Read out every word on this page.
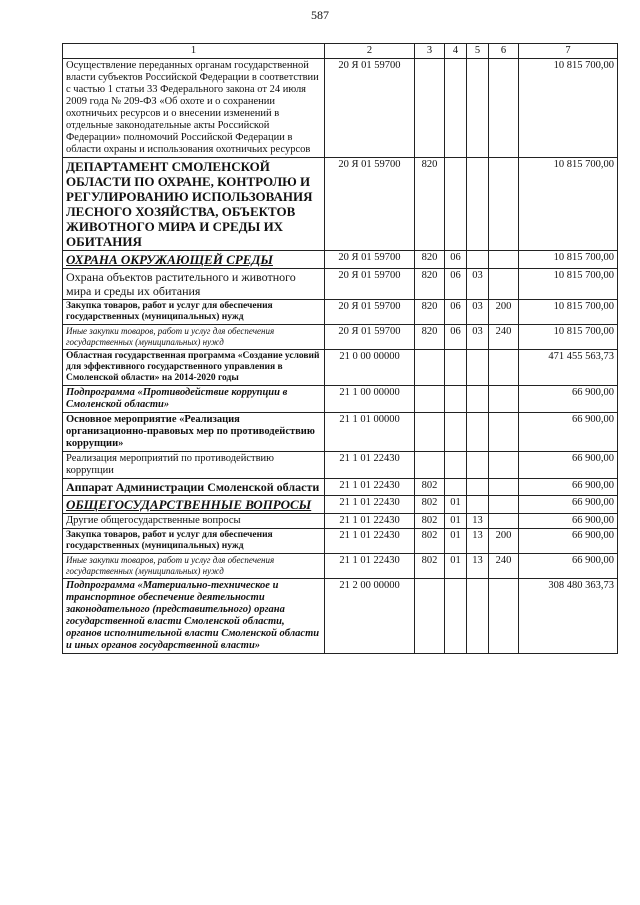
587
1	2	3	4	5	6	7
Осуществление переданных органам государственной власти субъектов Российской Федерации в соответствии с частью 1 статьи 33 Федерального закона от 24 июля 2009 года № 209-ФЗ «Об охоте и о сохранении охотничьих ресурсов и о внесении изменений в отдельные законодательные акты Российской Федерации» полномочий Российской Федерации в области охраны и использования охотничьих ресурсов	20 Я 01 59700					10 815 700,00
ДЕПАРТАМЕНТ СМОЛЕНСКОЙ ОБЛАСТИ ПО ОХРАНЕ, КОНТРОЛЮ И РЕГУЛИРОВАНИЮ ИСПОЛЬЗОВАНИЯ ЛЕСНОГО ХОЗЯЙСТВА, ОБЪЕКТОВ ЖИВОТНОГО МИРА И СРЕДЫ ИХ ОБИТАНИЯ	20 Я 01 59700	820				10 815 700,00
ОХРАНА ОКРУЖАЮЩЕЙ СРЕДЫ	20 Я 01 59700	820	06			10 815 700,00
Охрана объектов растительного и животного мира и среды их обитания	20 Я 01 59700	820	06	03		10 815 700,00
Закупка товаров, работ и услуг для обеспечения государственных (муниципальных) нужд	20 Я 01 59700	820	06	03	200	10 815 700,00
Иные закупки товаров, работ и услуг для обеспечения государственных (муниципальных) нужд	20 Я 01 59700	820	06	03	240	10 815 700,00
Областная государственная программа «Создание условий для эффективного государственного управления в Смоленской области» на 2014-2020 годы	21 0 00 00000					471 455 563,73
Подпрограмма «Противодействие коррупции в Смоленской области»	21 1 00 00000					66 900,00
Основное мероприятие «Реализация организационно-правовых мер по противодействию коррупции»	21 1 01 00000					66 900,00
Реализация мероприятий по противодействию коррупции	21 1 01 22430					66 900,00
Аппарат Администрации Смоленской области	21 1 01 22430	802				66 900,00
ОБЩЕГОСУДАРСТВЕННЫЕ ВОПРОСЫ	21 1 01 22430	802	01			66 900,00
Другие общегосударственные вопросы	21 1 01 22430	802	01	13		66 900,00
Закупка товаров, работ и услуг для обеспечения государственных (муниципальных) нужд	21 1 01 22430	802	01	13	200	66 900,00
Иные закупки товаров, работ и услуг для обеспечения государственных (муниципальных) нужд	21 1 01 22430	802	01	13	240	66 900,00
Подпрограмма «Материально-техническое и транспортное обеспечение деятельности законодательного (представительного) органа государственной власти Смоленской области, органов исполнительной власти Смоленской области и иных органов государственной власти»	21 2 00 00000					308 480 363,73
